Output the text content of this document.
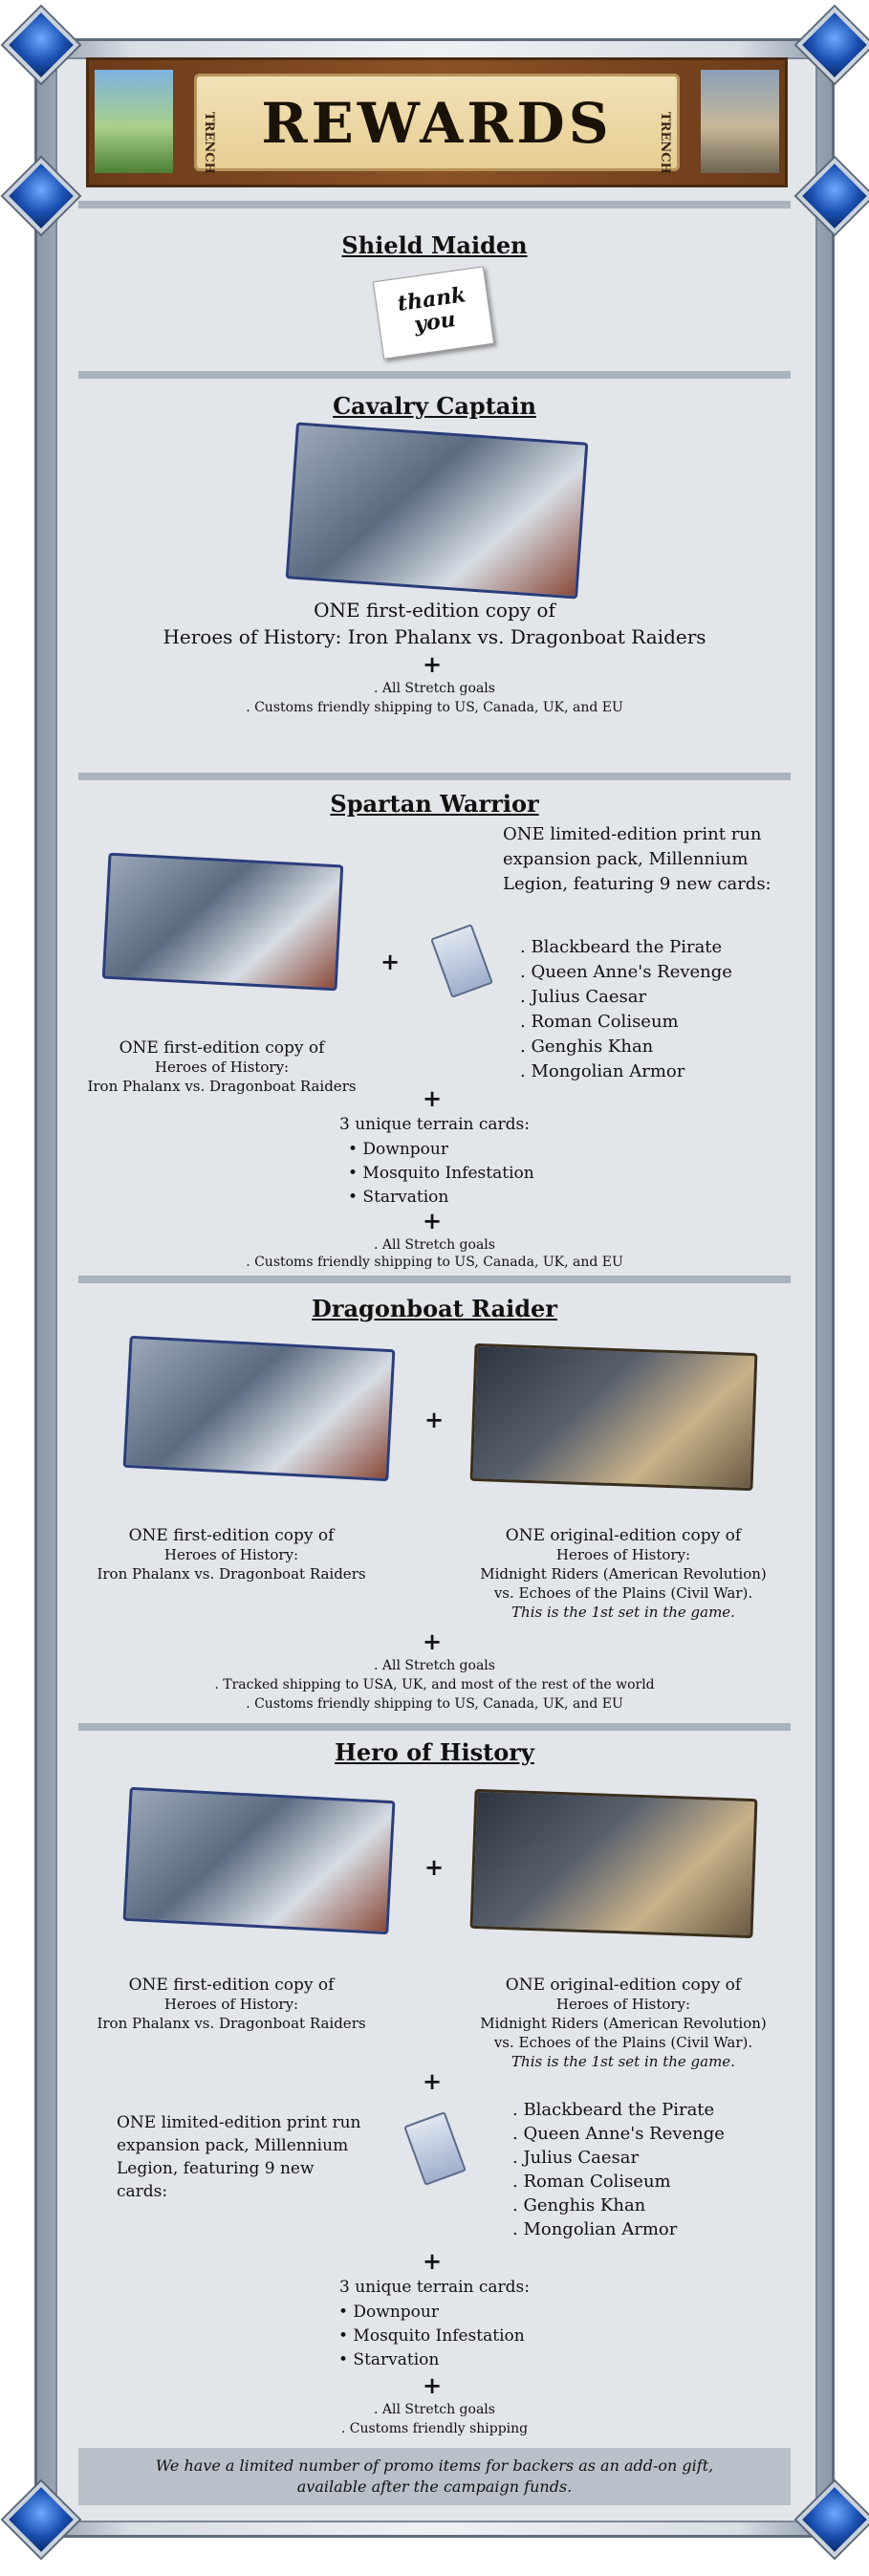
TRENCH REWARDS	TRENCH
Shield Maiden
thank you
Cavalry Captain
ONE first-edition copy of
Heroes of History: Iron Phalanx vs. Dragonboat Raiders
+
. All Stretch goals
. Customs friendly shipping to US, Canada, UK, and EU
Spartan Warrior
+
ONE limited-edition print run
expansion pack, Millennium
Legion, featuring 9 new cards:
. Blackbeard the Pirate
. Queen Anne's Revenge
. Julius Caesar
. Roman Coliseum
. Genghis Khan
. Mongolian Armor
ONE first-edition copy of
Heroes of History:
Iron Phalanx vs. Dragonboat Raiders	+
3 unique terrain cards:
• Downpour
• Mosquito Infestation
• Starvation
+
. All Stretch goals
. Customs friendly shipping to US, Canada, UK, and EU
Dragonboat Raider
+
ONE first-edition copy of
Heroes of History:
Iron Phalanx vs. Dragonboat Raiders
ONE original-edition copy of
Heroes of History:
Midnight Riders (American Revolution)
vs. Echoes of the Plains (Civil War).
This is the 1st set in the game.
+
. All Stretch goals
. Tracked shipping to USA, UK, and most of the rest of the world
. Customs friendly shipping to US, Canada, UK, and EU
Hero of History
+
ONE first-edition copy of
Heroes of History:
Iron Phalanx vs. Dragonboat Raiders
ONE original-edition copy of
Heroes of History:
Midnight Riders (American Revolution)
vs. Echoes of the Plains (Civil War).
This is the 1st set in the game.
+
ONE limited-edition print run
expansion pack, Millennium
Legion, featuring 9 new cards:
. Blackbeard the Pirate
. Queen Anne's Revenge
. Julius Caesar
. Roman Coliseum
. Genghis Khan
. Mongolian Armor
+
3 unique terrain cards:
• Downpour
• Mosquito Infestation
• Starvation
+
. All Stretch goals
. Customs friendly shipping
We have a limited number of promo items for backers as an add-on gift,
available after the campaign funds.
